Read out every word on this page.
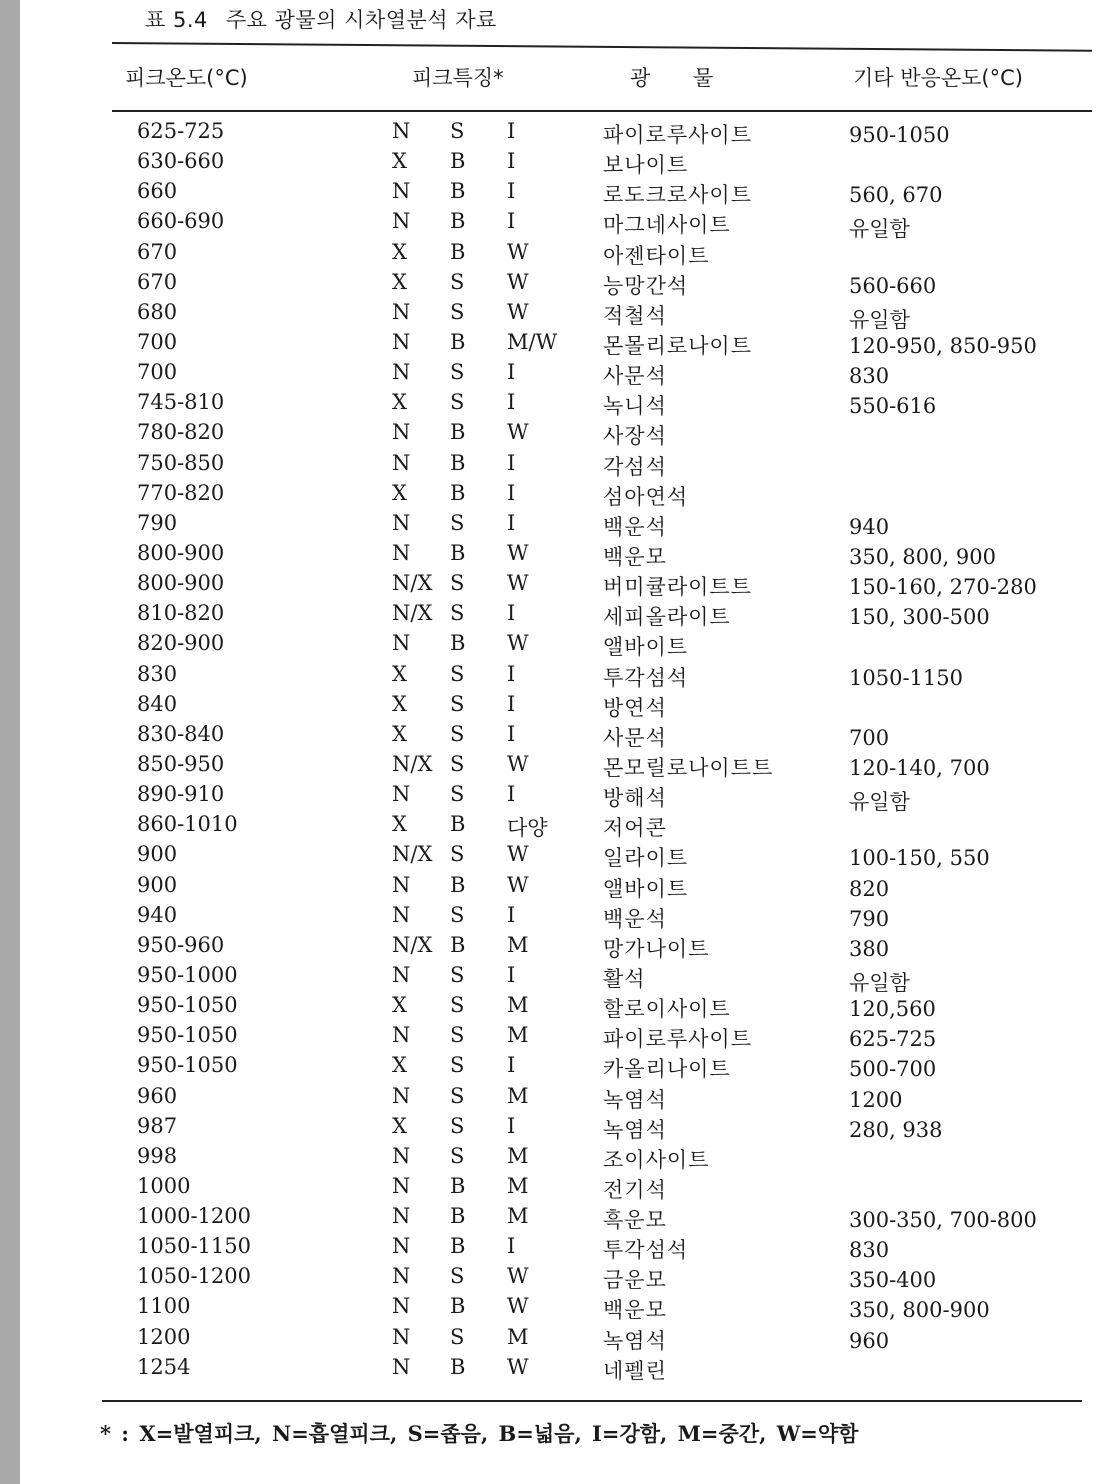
표 5.4 주요 광물의 시차열분석 자료
피크온도(°C)	피크특징*	광 물	기타 반응온도(°C)
625-725	N S I	파이로루사이트	950-1050
630-660	X B I	보나이트
660	N B I	로도크로사이트	560, 670
660-690	N B I	마그네사이트	유일함
670	X B W	아젠타이트
670	X S W	능망간석	560-660
680	N S W	적철석	유일함
700	N B M/W 몬몰리로나이트	120-950, 850-950
700	N S I	사문석	830
745-810	X S I	녹니석	550-616
780-820	N B W	사장석
750-850	N B I	각섬석
770-820	X B I	섬아연석
790	N S I	백운석	940
800-900	N B W	백운모	350, 800, 900
800-900	N/X S W	버미큘라이트트	150-160, 270-280
810-820	N/X S I	세피올라이트	150, 300-500
820-900	N B W	앨바이트
830	X S I	투각섬석	1050-1150
840	X S I	방연석
830-840	X S I	사문석	700
850-950	N/X S W	몬모릴로나이트트	120-140, 700
890-910	N S I	방해석	유일함
860-1010	X B 다양	저어콘
900	N/X S W	일라이트	100-150, 550
900	N B W	앨바이트	820
940	N S I	백운석	790
950-960	N/X B M	망가나이트	380
950-1000	N S I	활석	유일함
950-1050	X S M	할로이사이트	120,560
950-1050	N S M	파이로루사이트	625-725
950-1050	X S I	카올리나이트	500-700
960	N S M	녹염석	1200
987	X S I	녹염석	280, 938
998	N S M	조이사이트
1000	N B M	전기석
1000-1200	N B M	흑운모	300-350, 700-800
1050-1150	N B I	투각섬석	830
1050-1200	N S W	금운모	350-400
1100	N B W	백운모	350, 800-900
1200	N S M	녹염석	960
1254	N B W	네펠린
* : X=발열피크, N=흡열피크, S=좁음, B=넓음, I=강함, M=중간, W=약함
